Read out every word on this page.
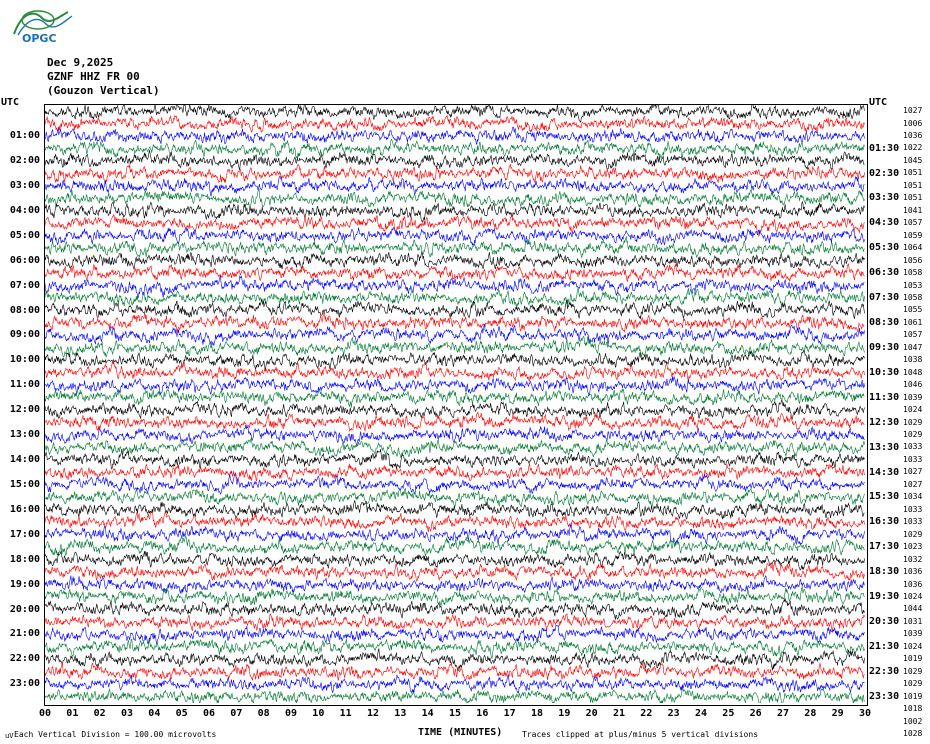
OPGC
Dec 9,2025
GZNF HHZ FR 00
(Gouzon Vertical)
UTC	UTC
01:00
02:00
03:00
04:00
05:00
06:00
07:00
08:00
09:00
10:00
11:00
12:00
13:00
14:00
15:00
16:00
17:00
18:00
19:00
20:00
21:00
22:00
23:00
01:30
02:30
03:30
04:30
05:30
06:30
07:30
08:30
09:30
10:30
11:30
12:30
13:30
14:30
15:30
16:30
17:30
18:30
19:30
20:30
21:30
22:30
23:30
1027
1006
1036
1022
1045
1051
1051
1051
1041
1057
1059
1064
1056
1058
1053
1058
1055
1061
1057
1047
1038
1048
1046
1039
1024
1029
1029
1033
1033
1027
1027
1034
1033
1033
1029
1023
1032
1036
1036
1024
1044
1031
1039
1024
1019
1029
1029
1019
1018
1002
1028
00 01 02 03 04 05 06 07 08 09 10 11 12 13 14 15 16 17 18 19 20 21 22 23 24 25 26 27 28 29 30
uV Each Vertical Division = 100.00 microvolts	TIME (MINUTES) Traces clipped at plus/minus 5 vertical divisions
